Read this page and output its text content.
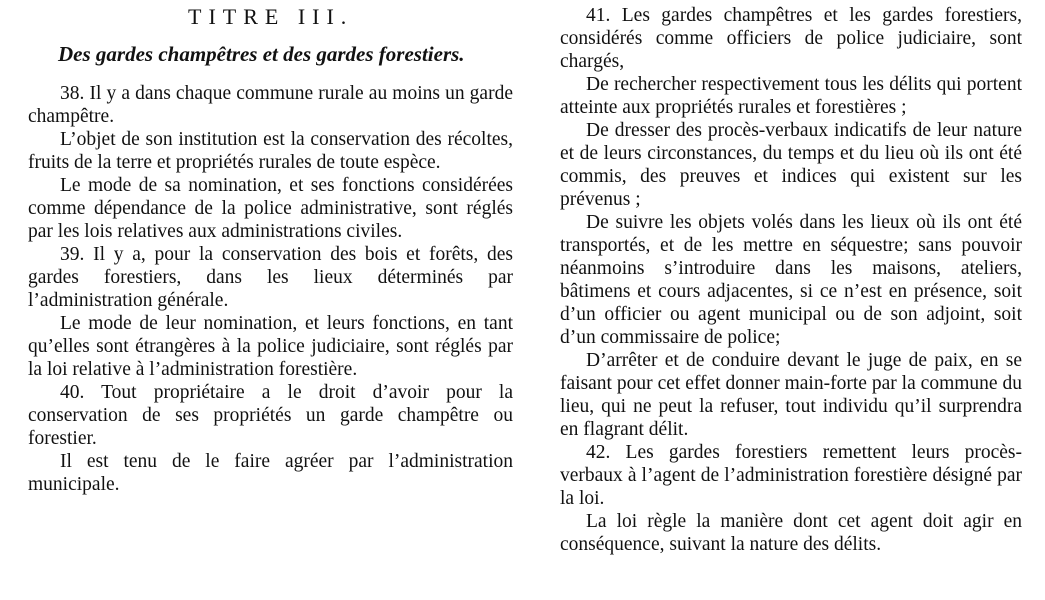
TITRE III.
Des gardes champêtres et des gardes forestiers.

38. Il y a dans chaque commune rurale au moins un garde champêtre.

L’objet de son institution est la conservation des récoltes, fruits de la terre et propriétés rurales de toute espèce.

Le mode de sa nomination, et ses fonctions considérées comme dépendance de la police administrative, sont réglés par les lois relatives aux administrations civiles.

39. Il y a, pour la conservation des bois et forêts, des gardes forestiers, dans les lieux déterminés par l’administration générale.

Le mode de leur nomination, et leurs fonctions, en tant qu’elles sont étrangères à la police judiciaire, sont réglés par la loi relative à l’administration forestière.

40. Tout propriétaire a le droit d’avoir pour la conservation de ses propriétés un garde champêtre ou forestier.

Il est tenu de le faire agréer par l’administration municipale.

41. Les gardes champêtres et les gardes forestiers, considérés comme officiers de police judiciaire, sont chargés,

De rechercher respectivement tous les délits qui portent atteinte aux propriétés rurales et forestières ;

De dresser des procès-verbaux indicatifs de leur nature et de leurs circonstances, du temps et du lieu où ils ont été commis, des preuves et indices qui existent sur les prévenus ;

De suivre les objets volés dans les lieux où ils ont été transportés, et de les mettre en séquestre; sans pouvoir néanmoins s’introduire dans les maisons, ateliers, bâtimens et cours adjacentes, si ce n’est en présence, soit d’un officier ou agent municipal ou de son adjoint, soit d’un commissaire de police;

D’arrêter et de conduire devant le juge de paix, en se faisant pour cet effet donner main-forte par la commune du lieu, qui ne peut la refuser, tout individu qu’il surprendra en flagrant délit.

42. Les gardes forestiers remettent leurs procès-verbaux à l’agent de l’administration forestière désigné par la loi.

La loi règle la manière dont cet agent doit agir en conséquence, suivant la nature des délits.
